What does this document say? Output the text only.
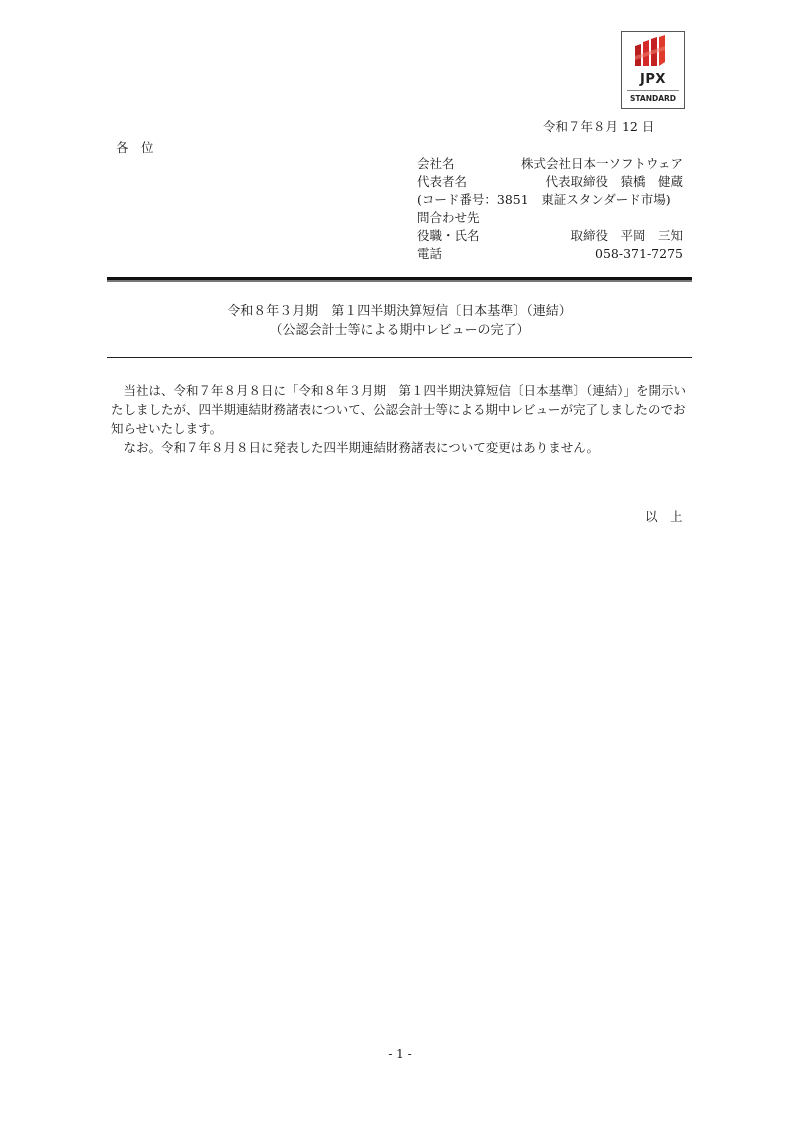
JPX
STANDARD
令和７年８月 12 日
各　位
会社名	株式会社日本一ソフトウェア
代表者名	代表取締役　猿橋　健蔵
(コード番号：3851　東証スタンダード市場)
問合わせ先
役職・氏名	取締役　平岡　三知
電話	058-371-7275
令和８年３月期　第１四半期決算短信〔日本基準〕（連結）
（公認会計士等による期中レビューの完了）

当社は、令和７年８月８日に「令和８年３月期　第１四半期決算短信〔日本基準〕（連結）」を開示いたしましたが、四半期連結財務諸表について、公認会計士等による期中レビューが完了しましたのでお知らせいたします。

なお。令和７年８月８日に発表した四半期連結財務諸表について変更はありません。

以　上
- 1 -
